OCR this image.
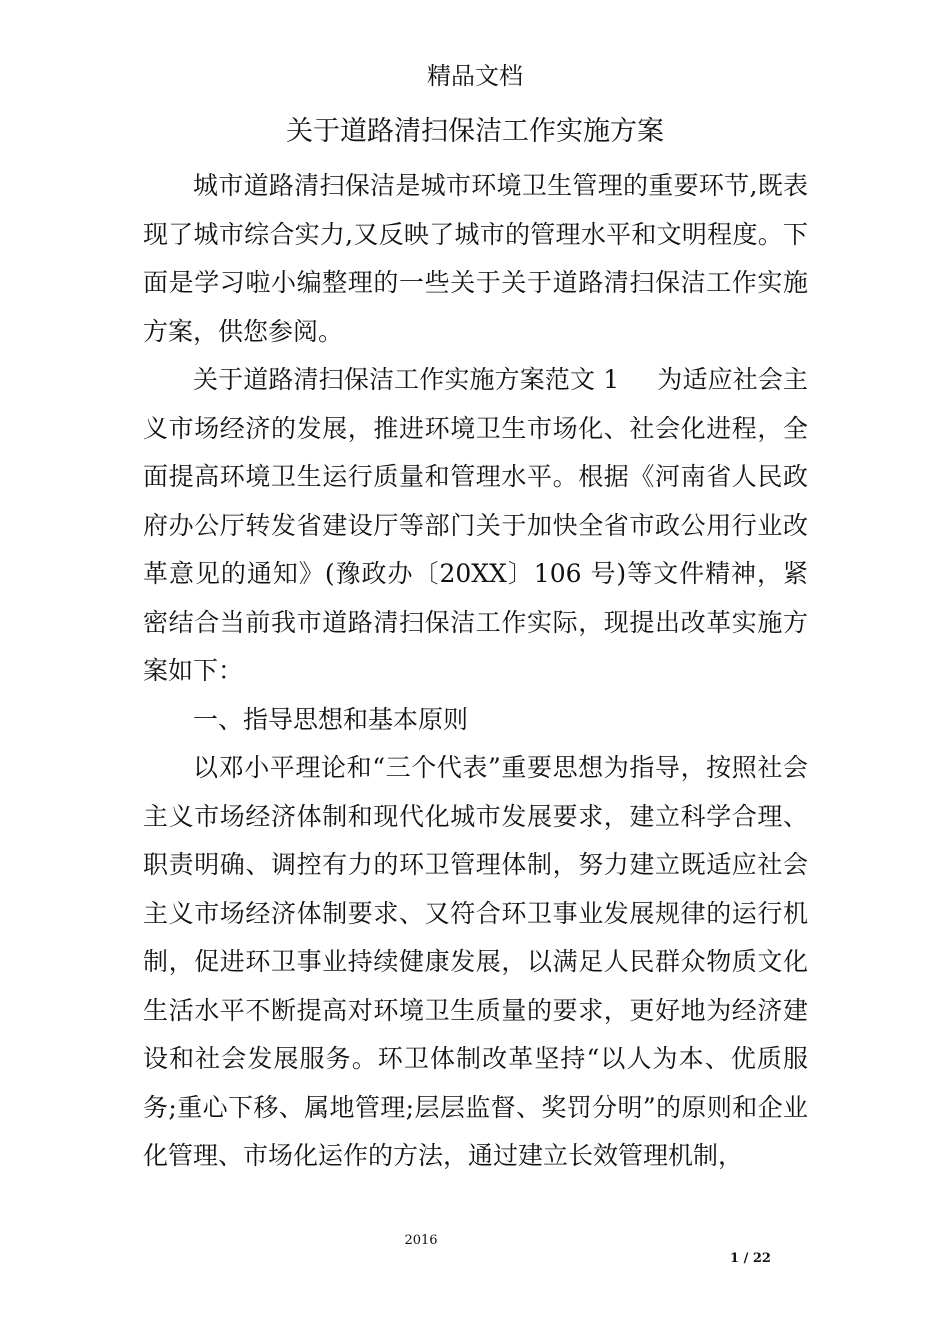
精品文档
关于道路清扫保洁工作实施方案

城市道路清扫保洁是城市环境卫生管理的重要环节,既表现了城市综合实力,又反映了城市的管理水平和文明程度。下面是学习啦小编整理的一些关于关于道路清扫保洁工作实施方案，供您参阅。

关于道路清扫保洁工作实施方案范文 1 为适应社会主义市场经济的发展，推进环境卫生市场化、社会化进程，全面提高环境卫生运行质量和管理水平。根据《河南省人民政府办公厅转发省建设厅等部门关于加快全省市政公用行业改革意见的通知》(豫政办〔20XX〕106 号)等文件精神，紧密结合当前我市道路清扫保洁工作实际，现提出改革实施方案如下：

一、指导思想和基本原则

以邓小平理论和“三个代表”重要思想为指导，按照社会主义市场经济体制和现代化城市发展要求，建立科学合理、职责明确、调控有力的环卫管理体制，努力建立既适应社会主义市场经济体制要求、又符合环卫事业发展规律的运行机制，促进环卫事业持续健康发展，以满足人民群众物质文化生活水平不断提高对环境卫生质量的要求，更好地为经济建设和社会发展服务。环卫体制改革坚持“以人为本、优质服务;重心下移、属地管理;层层监督、奖罚分明”的原则和企业化管理、市场化运作的方法，通过建立长效管理机制，

2016
1 / 22
